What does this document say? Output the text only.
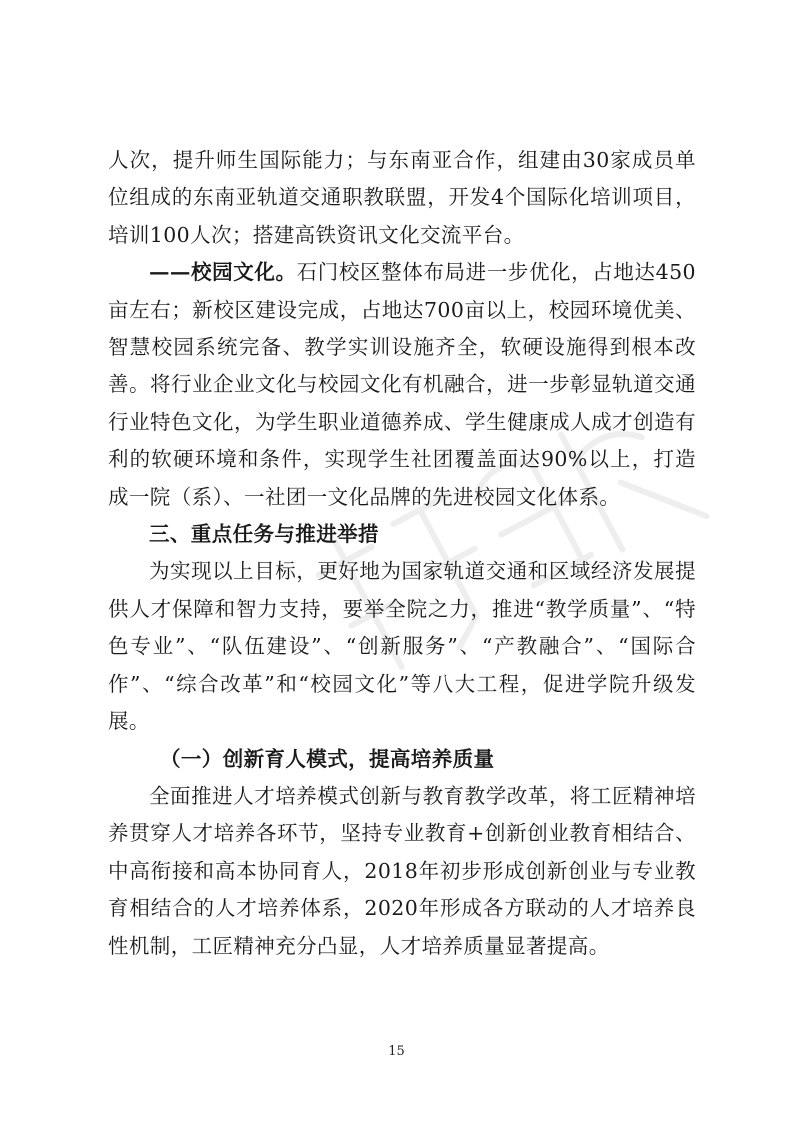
人次，提升师生国际能力；与东南亚合作，组建由30家成员单位组成的东南亚轨道交通职教联盟，开发4个国际化培训项目，培训100人次；搭建高铁资讯文化交流平台。

——校园文化。石门校区整体布局进一步优化，占地达450亩左右；新校区建设完成，占地达700亩以上，校园环境优美、智慧校园系统完备、教学实训设施齐全，软硬设施得到根本改善。将行业企业文化与校园文化有机融合，进一步彰显轨道交通行业特色文化，为学生职业道德养成、学生健康成人成才创造有利的软硬环境和条件，实现学生社团覆盖面达90%以上，打造成一院（系）、一社团一文化品牌的先进校园文化体系。

三、重点任务与推进举措

为实现以上目标，更好地为国家轨道交通和区域经济发展提供人才保障和智力支持，要举全院之力，推进“教学质量”、“特色专业”、“队伍建设”、“创新服务”、“产教融合”、“国际合作”、“综合改革”和“校园文化”等八大工程，促进学院升级发展。

（一）创新育人模式，提高培养质量

全面推进人才培养模式创新与教育教学改革，将工匠精神培养贯穿人才培养各环节，坚持专业教育+创新创业教育相结合、中高衔接和高本协同育人，2018年初步形成创新创业与专业教育相结合的人才培养体系，2020年形成各方联动的人才培养良性机制，工匠精神充分凸显，人才培养质量显著提高。

15
